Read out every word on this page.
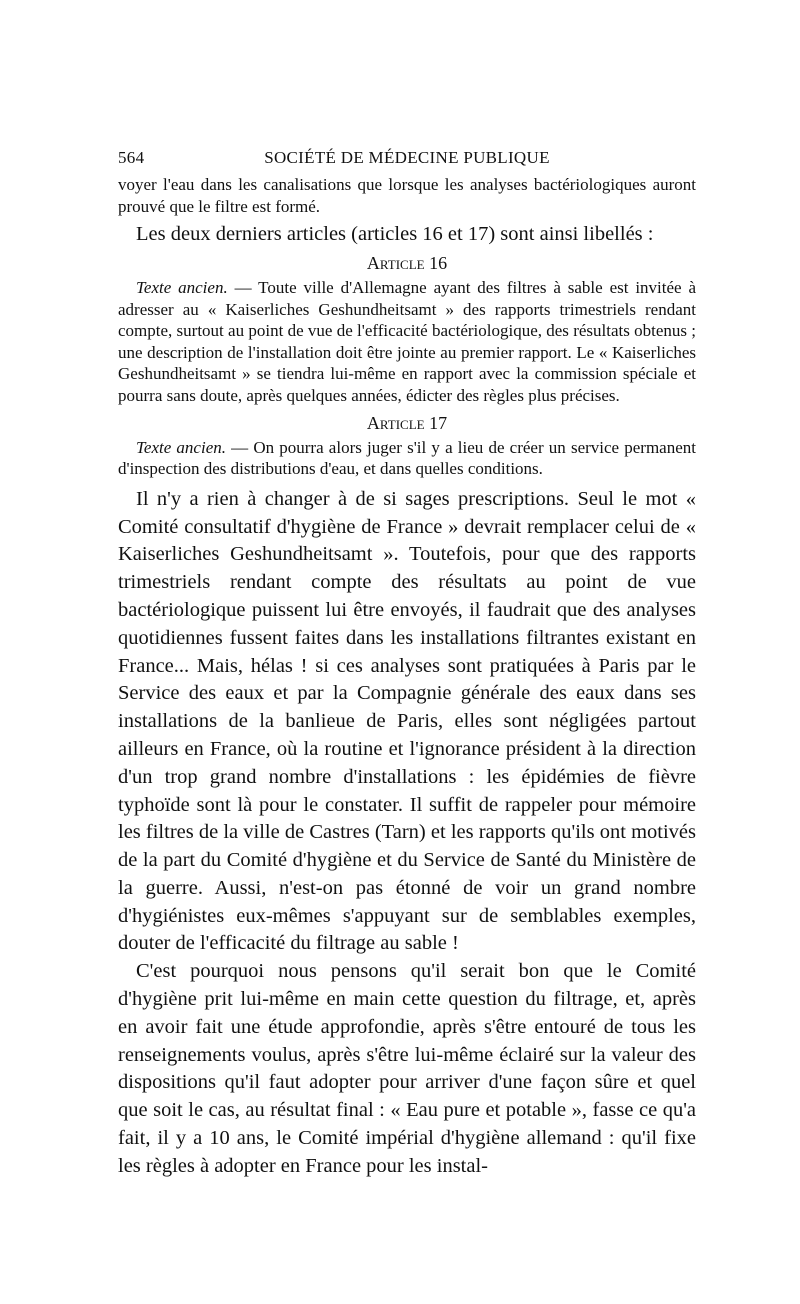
564	SOCIÉTÉ DE MÉDECINE PUBLIQUE

voyer l'eau dans les canalisations que lorsque les analyses bactériologiques auront prouvé que le filtre est formé.

Les deux derniers articles (articles 16 et 17) sont ainsi libellés :

Article 16

Texte ancien. — Toute ville d'Allemagne ayant des filtres à sable est invitée à adresser au « Kaiserliches Geshundheitsamt » des rapports trimestriels rendant compte, surtout au point de vue de l'efficacité bactériologique, des résultats obtenus ; une description de l'installation doit être jointe au premier rapport. Le « Kaiserliches Geshundheitsamt » se tiendra lui-même en rapport avec la commission spéciale et pourra sans doute, après quelques années, édicter des règles plus précises.

Article 17

Texte ancien. — On pourra alors juger s'il y a lieu de créer un service permanent d'inspection des distributions d'eau, et dans quelles conditions.

Il n'y a rien à changer à de si sages prescriptions. Seul le mot « Comité consultatif d'hygiène de France » devrait remplacer celui de « Kaiserliches Geshundheitsamt ». Toutefois, pour que des rapports trimestriels rendant compte des résultats au point de vue bactériologique puissent lui être envoyés, il faudrait que des analyses quotidiennes fussent faites dans les installations filtrantes existant en France... Mais, hélas ! si ces analyses sont pratiquées à Paris par le Service des eaux et par la Compagnie générale des eaux dans ses installations de la banlieue de Paris, elles sont négligées partout ailleurs en France, où la routine et l'ignorance président à la direction d'un trop grand nombre d'installations : les épidémies de fièvre typhoïde sont là pour le constater. Il suffit de rappeler pour mémoire les filtres de la ville de Castres (Tarn) et les rapports qu'ils ont motivés de la part du Comité d'hygiène et du Service de Santé du Ministère de la guerre. Aussi, n'est-on pas étonné de voir un grand nombre d'hygiénistes eux-mêmes s'appuyant sur de semblables exemples, douter de l'efficacité du filtrage au sable !

C'est pourquoi nous pensons qu'il serait bon que le Comité d'hygiène prit lui-même en main cette question du filtrage, et, après en avoir fait une étude approfondie, après s'être entouré de tous les renseignements voulus, après s'être lui-même éclairé sur la valeur des dispositions qu'il faut adopter pour arriver d'une façon sûre et quel que soit le cas, au résultat final : « Eau pure et potable », fasse ce qu'a fait, il y a 10 ans, le Comité impérial d'hygiène allemand : qu'il fixe les règles à adopter en France pour les instal-
